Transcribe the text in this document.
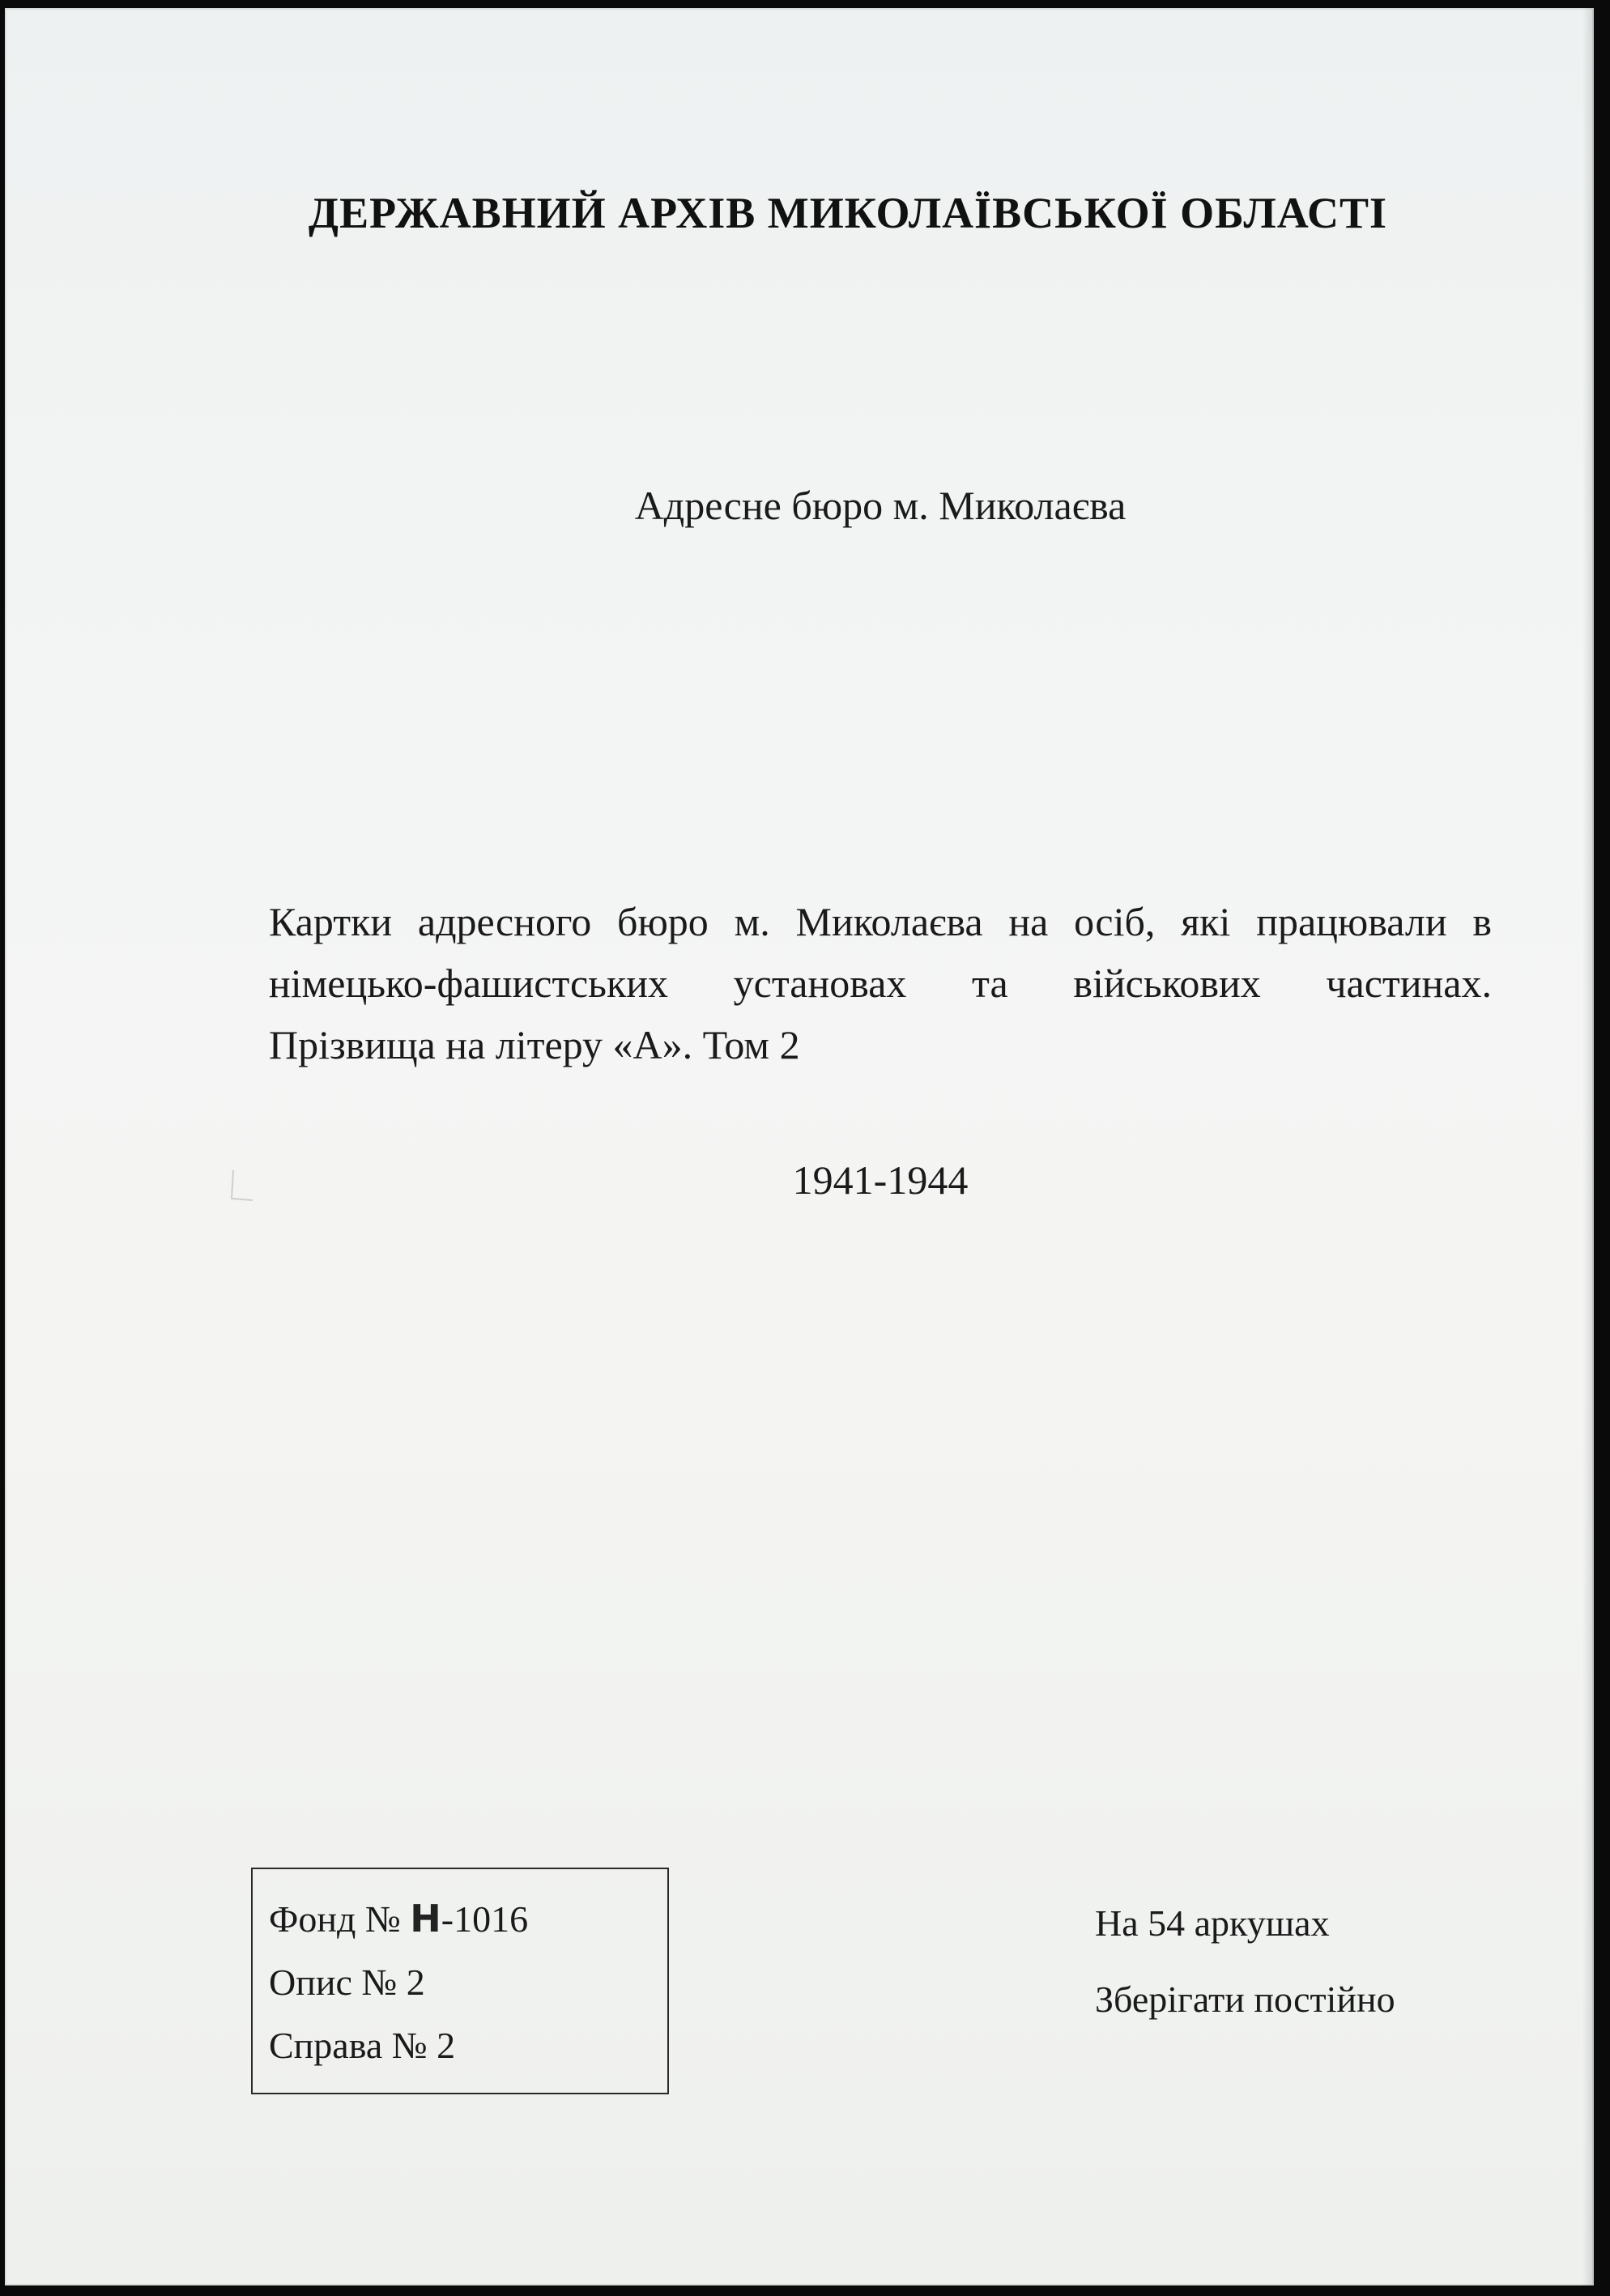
ДЕРЖАВНИЙ АРХІВ МИКОЛАЇВСЬКОЇ ОБЛАСТІ
Адресне бюро м. Миколаєва
Картки адресного бюро м. Миколаєва на осіб, які працювали в
німецько-фашистських установах та військових частинах.
Прізвища на літеру «А». Том 2
1941-1944
Фонд № Н-1016
Опис № 2
Справа № 2
На 54 аркушах
Зберігати постійно
